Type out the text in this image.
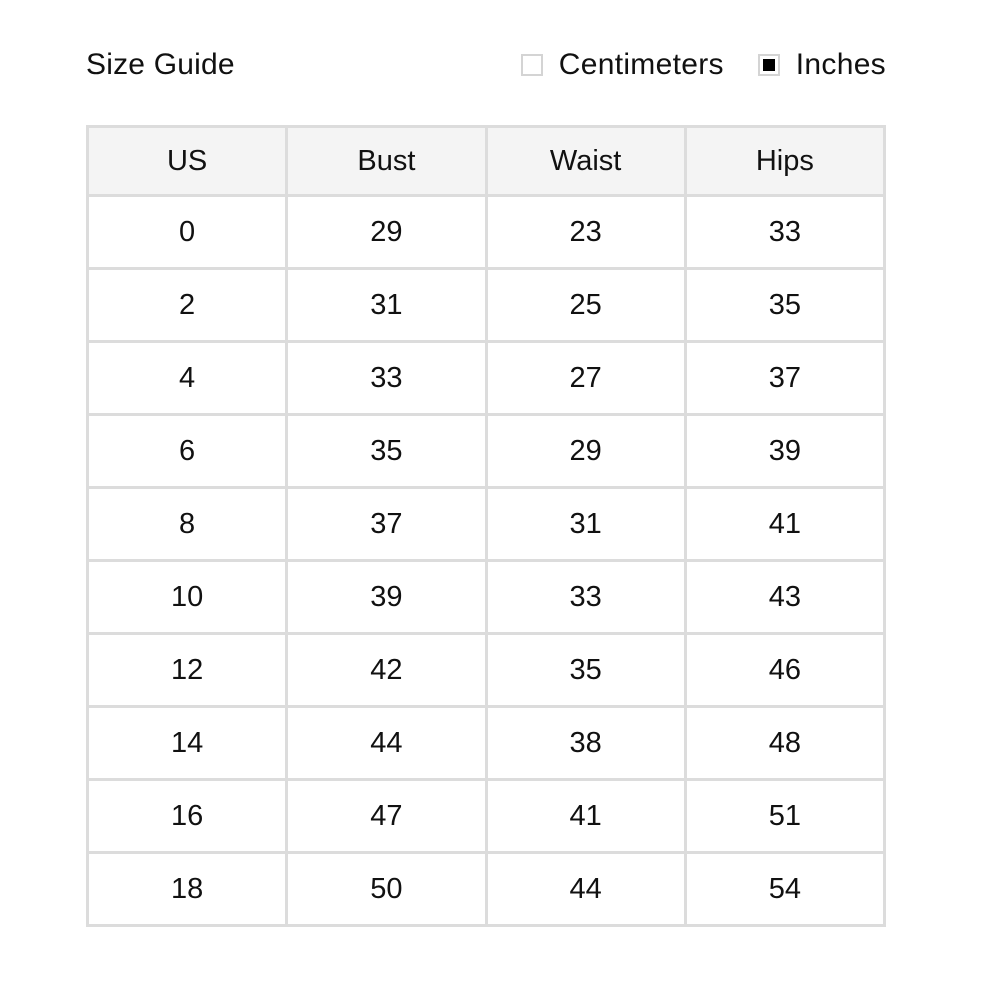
Size Guide	Centimeters Inches
US	Bust	Waist	Hips
0	29	23	33
2	31	25	35
4	33	27	37
6	35	29	39
8	37	31	41
10	39	33	43
12	42	35	46
14	44	38	48
16	47	41	51
18	50	44	54
